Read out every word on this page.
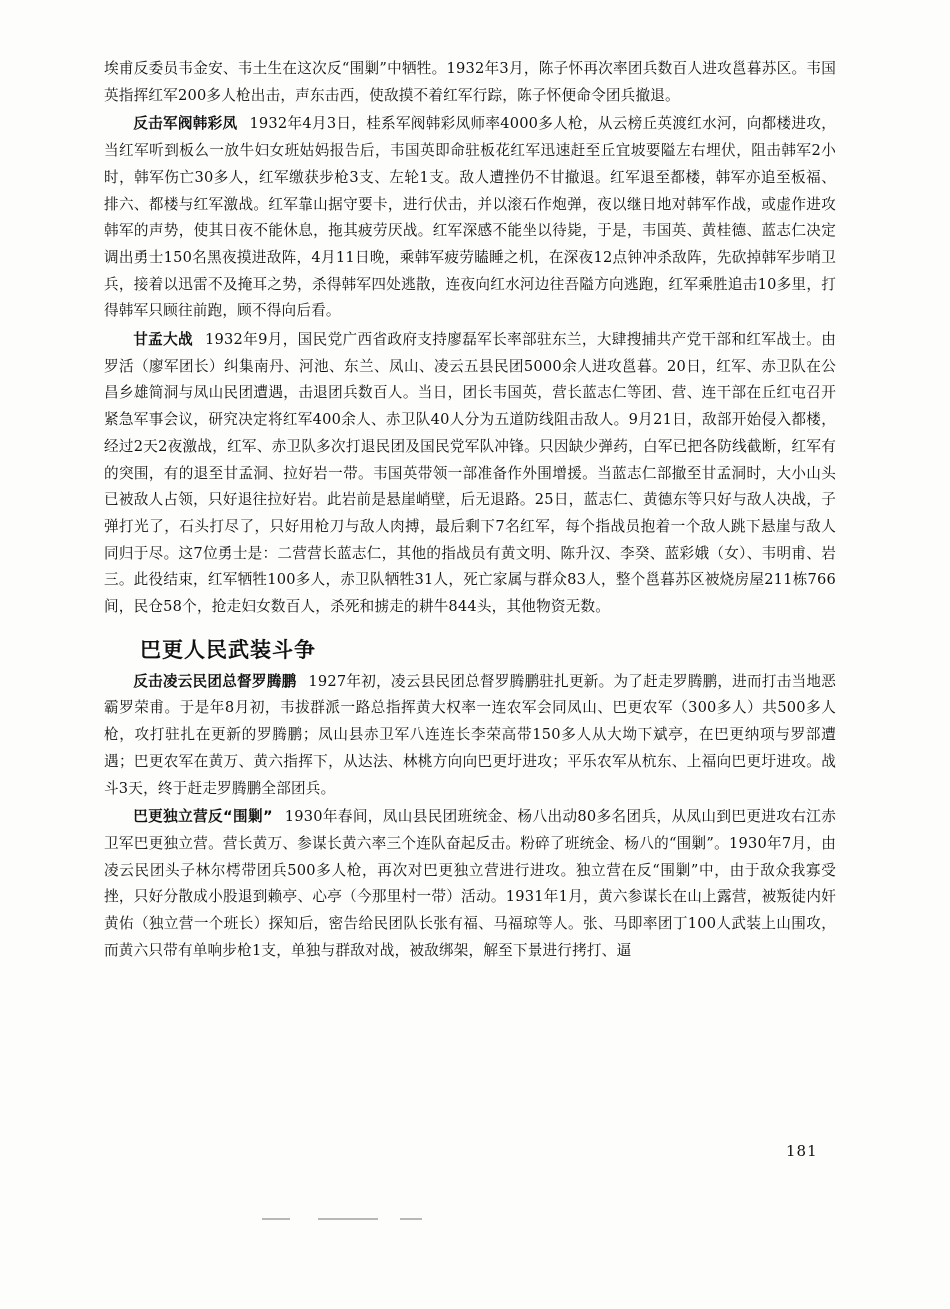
埃甫反委员韦金安、韦土生在这次反“围剿”中牺牲。1932年3月，陈子怀再次率团兵数百人进攻邕暮苏区。韦国英指挥红军200多人枪出击，声东击西，使敌摸不着红军行踪，陈子怀便命令团兵撤退。

反击军阀韩彩凤 1932年4月3日，桂系军阀韩彩凤师率4000多人枪，从云榜丘英渡红水河，向都楼进攻，当红军听到板么一放牛妇女班姑妈报告后，韦国英即命驻板花红军迅速赶至丘宜坡要隘左右埋伏，阻击韩军2小时，韩军伤亡30多人，红军缴获步枪3支、左轮1支。敌人遭挫仍不甘撤退。红军退至都楼，韩军亦追至板福、排六、都楼与红军激战。红军靠山据守要卡，进行伏击，并以滚石作炮弹，夜以继日地对韩军作战，或虚作进攻韩军的声势，使其日夜不能休息，拖其疲劳厌战。红军深感不能坐以待毙，于是，韦国英、黄桂德、蓝志仁决定调出勇士150名黑夜摸进敌阵，4月11日晚，乘韩军疲劳瞌睡之机，在深夜12点钟冲杀敌阵，先砍掉韩军步哨卫兵，接着以迅雷不及掩耳之势，杀得韩军四处逃散，连夜向红水河边往吾隘方向逃跑，红军乘胜追击10多里，打得韩军只顾往前跑，顾不得向后看。

甘孟大战 1932年9月，国民党广西省政府支持廖磊军长率部驻东兰，大肆搜捕共产党干部和红军战士。由罗活（廖军团长）纠集南丹、河池、东兰、凤山、凌云五县民团5000余人进攻邕暮。20日，红军、赤卫队在公昌乡雄简洞与凤山民团遭遇，击退团兵数百人。当日，团长韦国英，营长蓝志仁等团、营、连干部在丘红屯召开紧急军事会议，研究决定将红军400余人、赤卫队40人分为五道防线阻击敌人。9月21日，敌部开始侵入都楼，经过2天2夜激战，红军、赤卫队多次打退民团及国民党军队冲锋。只因缺少弹药，白军已把各防线截断，红军有的突围，有的退至甘孟洞、拉好岩一带。韦国英带领一部准备作外围增援。当蓝志仁部撤至甘孟洞时，大小山头已被敌人占领，只好退往拉好岩。此岩前是悬崖峭壁，后无退路。25日，蓝志仁、黄德东等只好与敌人决战，子弹打光了，石头打尽了，只好用枪刀与敌人肉搏，最后剩下7名红军，每个指战员抱着一个敌人跳下悬崖与敌人同归于尽。这7位勇士是：二营营长蓝志仁，其他的指战员有黄文明、陈升汉、李癸、蓝彩娥（女）、韦明甫、岩三。此役结束，红军牺牲100多人，赤卫队牺牲31人，死亡家属与群众83人，整个邕暮苏区被烧房屋211栋766间，民仓58个，抢走妇女数百人，杀死和掳走的耕牛844头，其他物资无数。

巴更人民武装斗争

反击凌云民团总督罗腾鹏 1927年初，凌云县民团总督罗腾鹏驻扎更新。为了赶走罗腾鹏，进而打击当地恶霸罗荣甫。于是年8月初，韦拔群派一路总指挥黄大权率一连农军会同凤山、巴更农军（300多人）共500多人枪，攻打驻扎在更新的罗腾鹏；凤山县赤卫军八连连长李荣高带150多人从大坳下斌亭，在巴更纳项与罗部遭遇；巴更农军在黄万、黄六指挥下，从达法、林桃方向向巴更圩进攻；平乐农军从杭东、上福向巴更圩进攻。战斗3天，终于赶走罗腾鹏全部团兵。

巴更独立营反“围剿” 1930年春间，凤山县民团班统金、杨八出动80多名团兵，从凤山到巴更进攻右江赤卫军巴更独立营。营长黄万、参谋长黄六率三个连队奋起反击。粉碎了班统金、杨八的“围剿”。1930年7月，由凌云民团头子林尔樗带团兵500多人枪，再次对巴更独立营进行进攻。独立营在反“围剿”中，由于敌众我寡受挫，只好分散成小股退到赖亭、心亭（今那里村一带）活动。1931年1月，黄六参谋长在山上露营，被叛徒内奸黄佑（独立营一个班长）探知后，密告给民团队长张有福、马福琼等人。张、马即率团丁100人武装上山围攻，而黄六只带有单响步枪1支，单独与群敌对战，被敌绑架，解至下景进行拷打、逼

181
